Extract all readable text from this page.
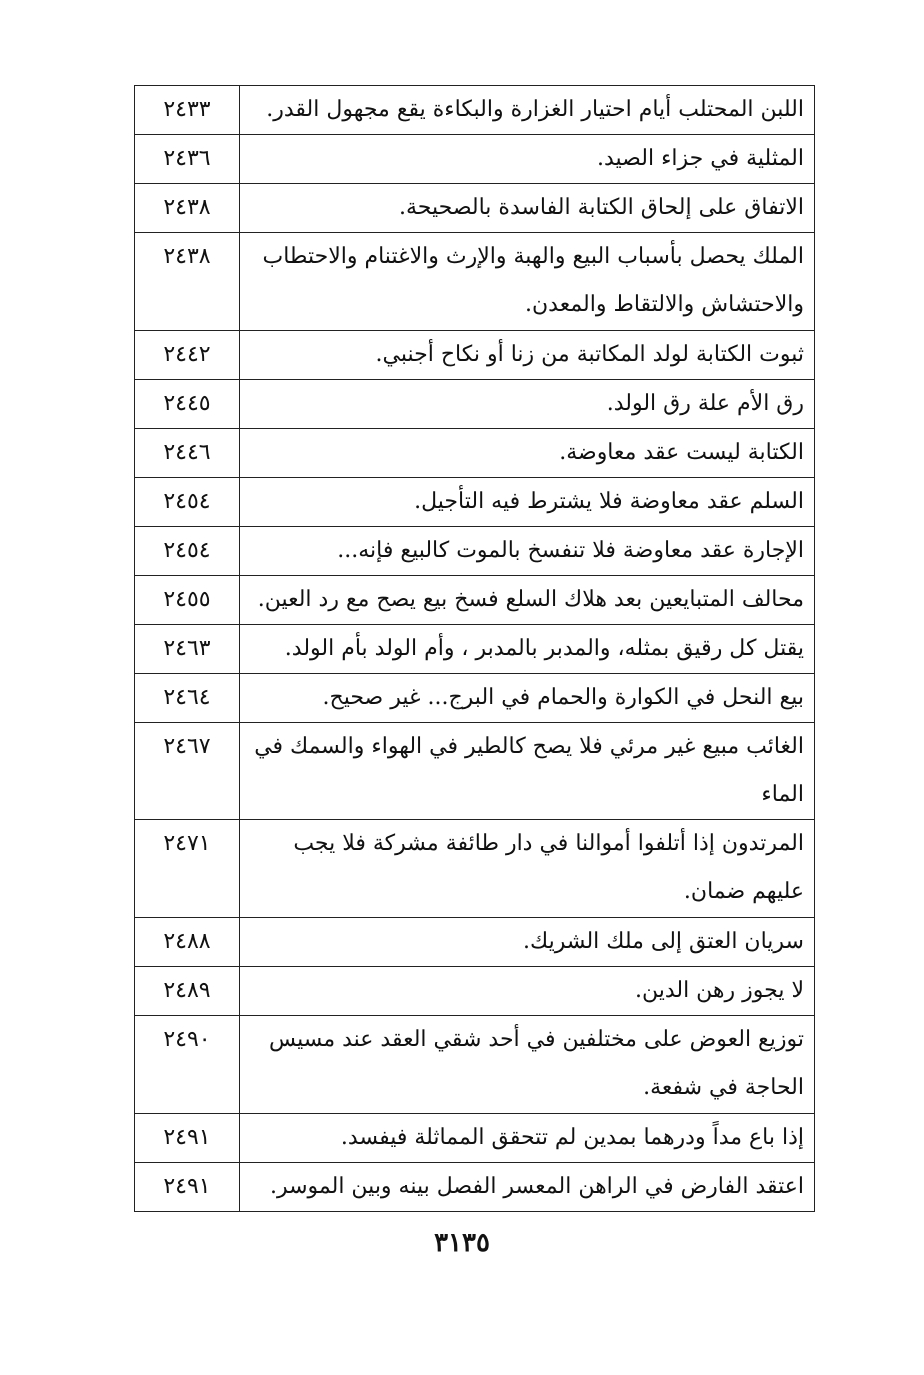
اللبن المحتلب أيام احتيار الغزارة والبكاءة يقع مجهول القدر.	٢٤٣٣
المثلية في جزاء الصيد.	٢٤٣٦
الاتفاق على إلحاق الكتابة الفاسدة بالصحيحة.	٢٤٣٨
الملك يحصل بأسباب البيع والهبة والإرث والاغتنام والاحتطاب والاحتشاش والالتقاط والمعدن.	٢٤٣٨
ثبوت الكتابة لولد المكاتبة من زنا أو نكاح أجنبي.	٢٤٤٢
رق الأم علة رق الولد.	٢٤٤٥
الكتابة ليست عقد معاوضة.	٢٤٤٦
السلم عقد معاوضة فلا يشترط فيه التأجيل.	٢٤٥٤
الإجارة عقد معاوضة فلا تنفسخ بالموت كالبيع فإنه...	٢٤٥٤
محالف المتبايعين بعد هلاك السلع فسخ بيع يصح مع رد العين.	٢٤٥٥
يقتل كل رقيق بمثله، والمدبر بالمدبر ، وأم الولد بأم الولد.	٢٤٦٣
بيع النحل في الكوارة والحمام في البرج... غير صحيح.	٢٤٦٤
الغائب مبيع غير مرئي فلا يصح كالطير في الهواء والسمك في الماء	٢٤٦٧
المرتدون إذا أتلفوا أموالنا في دار طائفة مشركة فلا يجب عليهم ضمان.	٢٤٧١
سريان العتق إلى ملك الشريك.	٢٤٨٨
لا يجوز رهن الدين.	٢٤٨٩
توزيع العوض على مختلفين في أحد شقي العقد عند مسيس الحاجة في شفعة.	٢٤٩٠
إذا باع مداً ودرهما بمدين لم تتحقق المماثلة فيفسد.	٢٤٩١
اعتقد الفارض في الراهن المعسر الفصل بينه وبين الموسر.	٢٤٩١
٣١٣٥
